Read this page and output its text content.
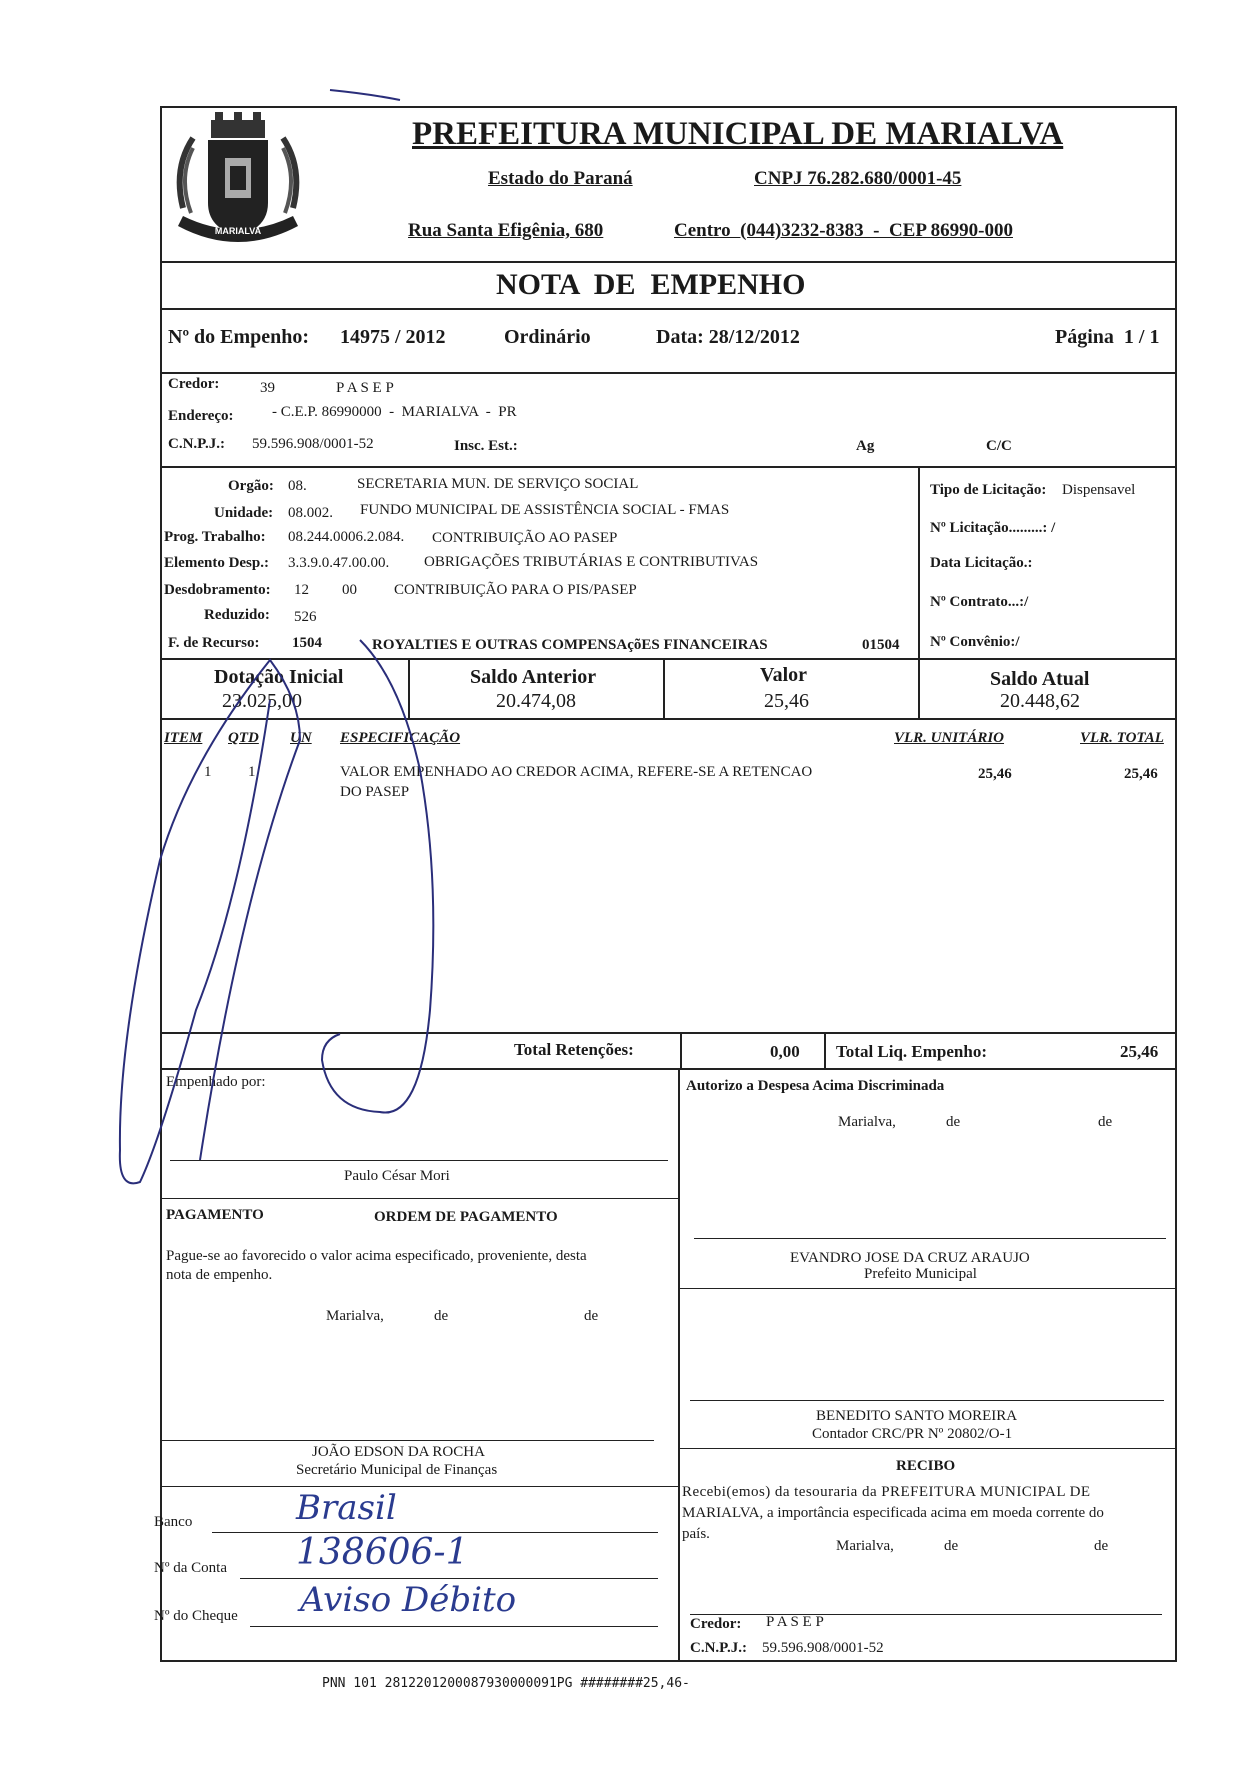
MARIALVA
PREFEITURA MUNICIPAL DE MARIALVA
Estado do Paraná	CNPJ 76.282.680/0001-45
Rua Santa Efigênia, 680	Centro  (044)3232-8383  -  CEP 86990-000
NOTA  DE  EMPENHO
Nº do Empenho: 14975 / 2012	Ordinário	Data: 28/12/2012	Página  1 / 1
Credor:	39	P A S E P
Endereço:	- C.E.P. 86990000  -  MARIALVA  -  PR
C.N.P.J.: 59.596.908/0001-52	Insc. Est.:	Ag	C/C
Orgão: 08.	SECRETARIA MUN. DE SERVIÇO SOCIAL
Unidade: 08.002. FUNDO MUNICIPAL DE ASSISTÊNCIA SOCIAL - FMAS
Prog. Trabalho: 08.244.0006.2.084. CONTRIBUIÇÃO AO PASEP
Elemento Desp.: 3.3.9.0.47.00.00. OBRIGAÇÕES TRIBUTÁRIAS E CONTRIBUTIVAS
Desdobramento: 12 00 CONTRIBUIÇÃO PARA O PIS/PASEP
Reduzido: 526
F. de Recurso: 1504	ROYALTIES E OUTRAS COMPENSAçõES FINANCEIRAS	01504
Tipo de Licitação: Dispensavel
Nº Licitação.........: /
Data Licitação.:
Nº Contrato...:/
Nº Convênio:/
Dotação Inicial
23.025,00
Saldo Anterior
20.474,08
Valor
25,46
Saldo Atual
20.448,62
ITEM QTD UN ESPECIFICAÇÃO	VLR. UNITÁRIO	VLR. TOTAL
1 1	VALOR EMPENHADO AO CREDOR ACIMA, REFERE-SE A RETENCAO
DO PASEP
25,46	25,46
Total Retenções:	0,00 Total Liq. Empenho:	25,46
Empenhado por:
Paulo César Mori
Autorizo a Despesa Acima Discriminada
Marialva,	de	de
PAGAMENTO	ORDEM DE PAGAMENTO
Pague-se ao favorecido o valor acima especificado, proveniente, desta
nota de empenho.
Marialva,	de	de
EVANDRO JOSE DA CRUZ ARAUJO
Prefeito Municipal
BENEDITO SANTO MOREIRA
Contador CRC/PR Nº 20802/O-1
JOÃO EDSON DA ROCHA
Secretário Municipal de Finanças	RECIBO
Recebi(emos) da tesouraria da PREFEITURA MUNICIPAL DE
MARIALVA, a importância especificada acima em moeda corrente do
país.
Marialva,	de	de
Credor: P A S E P
C.N.P.J.: 59.596.908/0001-52
Banco	Brasil
Nº da Conta 138606-1
Nº do Cheque Aviso Débito
PNN 101 2812201200087930000091PG ########25,46-
